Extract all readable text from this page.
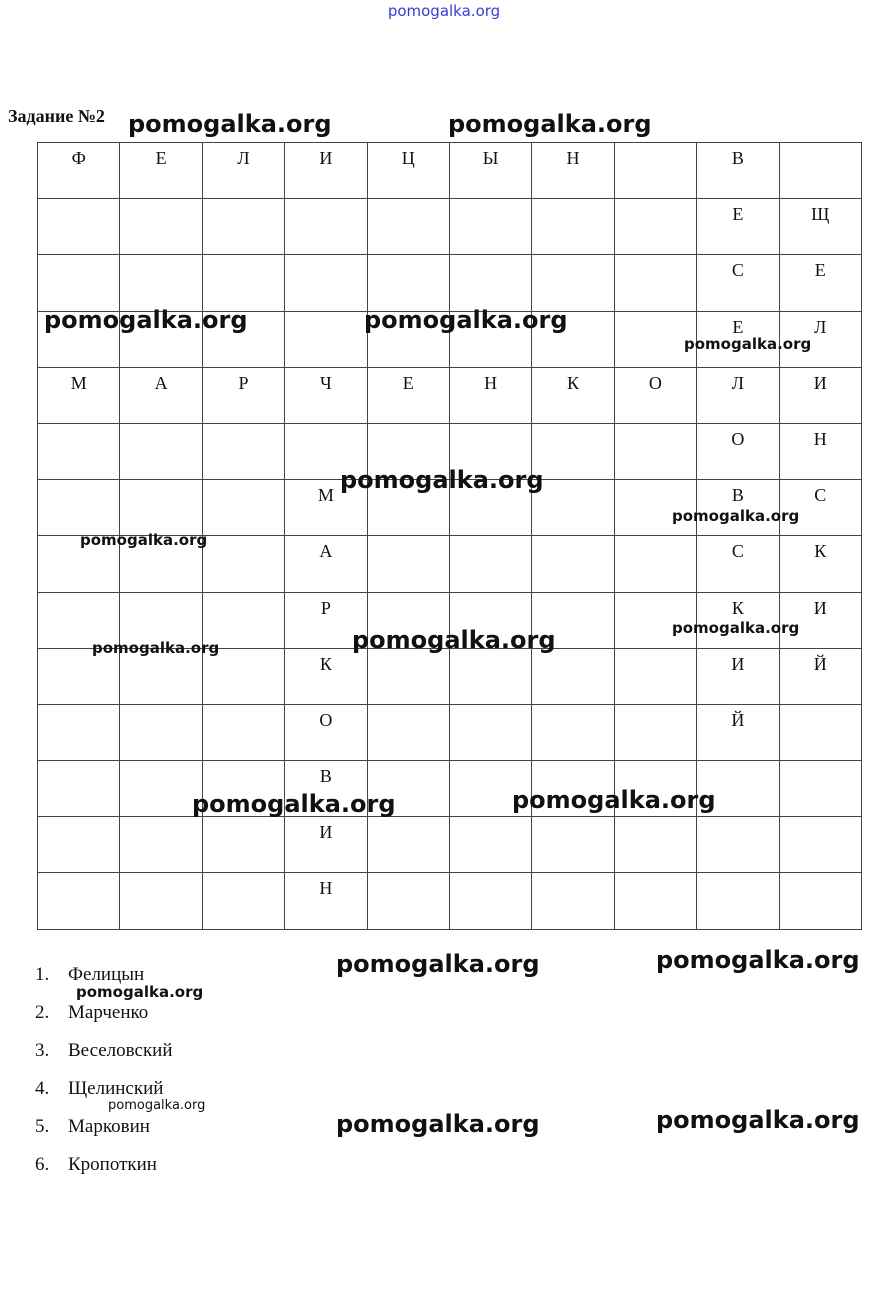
pomogalka.org
Задание №2
Ф	Е	Л	И	Ц	Ы	Н		В	

								Е	Щ

								С	Е

								Е	Л

М	А	Р	Ч	Е	Н	К	О	Л	И

								О	Н

			М					В	С

			А					С	К

			Р					К	И

			К					И	Й

			О					Й	

			В						

			И						

			Н						

1. Фелицын
2. Марченко
3. Веселовский
4. Щелинский
5. Марковин
6. Кропоткин
pomogalka.org	pomogalka.org
pomogalka.org	pomogalka.org
pomogalka.org
pomogalka.org
pomogalka.org
pomogalka.org
pomogalka.org	pomogalka.org
pomogalka.org
pomogalka.org	pomogalka.org
pomogalka.org	pomogalka.org
pomogalka.org
pomogalka.org
pomogalka.org	pomogalka.org
